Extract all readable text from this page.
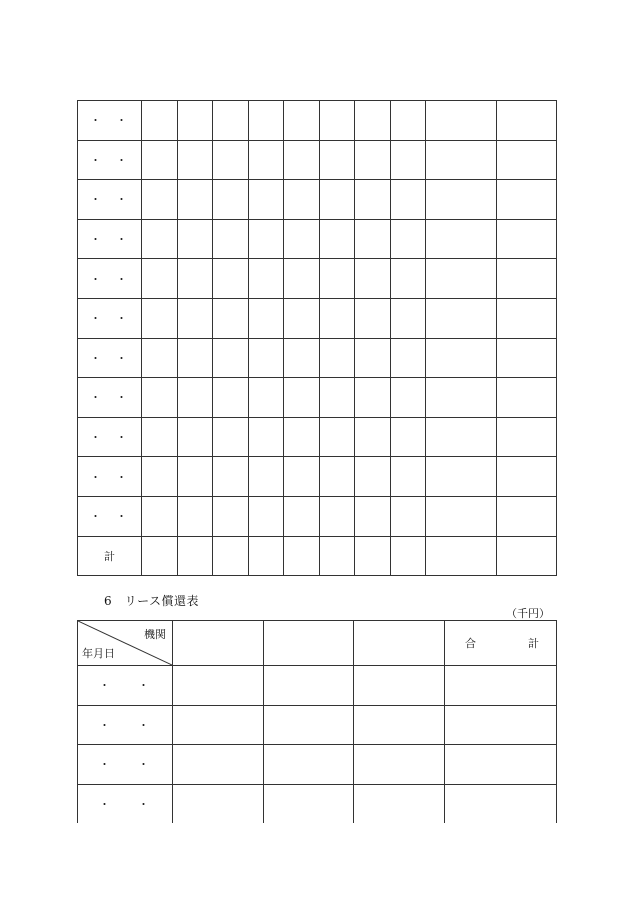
・　・										
・　・										
・　・										
・　・										
・　・										
・　・										
・　・										
・　・										
・　・										
・　・										
・　・										
計										
6　リース償還表
（千円）
機関
年月日				合 計
・　　・				
・　　・				
・　　・				
・　　・				
